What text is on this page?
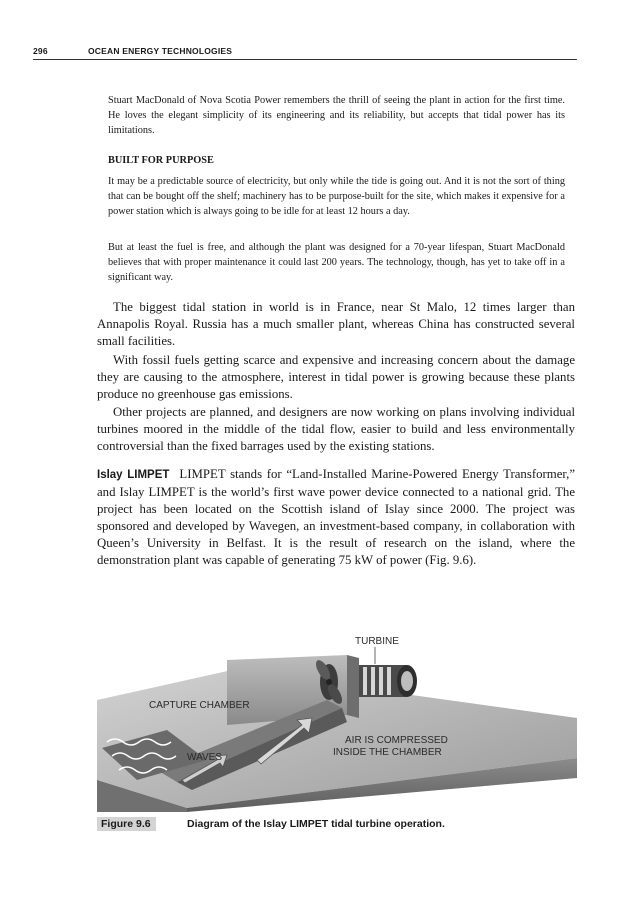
296	OCEAN ENERGY TECHNOLOGIES

Stuart MacDonald of Nova Scotia Power remembers the thrill of seeing the plant in action for the first time. He loves the elegant simplicity of its engineering and its reliability, but accepts that tidal power has its limitations.

BUILT FOR PURPOSE

It may be a predictable source of electricity, but only while the tide is going out. And it is not the sort of thing that can be bought off the shelf; machinery has to be purpose-built for the site, which makes it expensive for a power station which is always going to be idle for at least 12 hours a day.

But at least the fuel is free, and although the plant was designed for a 70-year lifespan, Stuart MacDonald believes that with proper maintenance it could last 200 years. The technology, though, has yet to take off in a significant way.

The biggest tidal station in world is in France, near St Malo, 12 times larger than Annapolis Royal. Russia has a much smaller plant, whereas China has constructed several small facilities.

With fossil fuels getting scarce and expensive and increasing concern about the damage they are causing to the atmosphere, interest in tidal power is growing because these plants produce no greenhouse gas emissions.

Other projects are planned, and designers are now working on plans involving individual turbines moored in the middle of the tidal flow, easier to build and less environmentally controversial than the fixed barrages used by the existing stations.

Islay LIMPET LIMPET stands for “Land-Installed Marine-Powered Energy Transformer,” and Islay LIMPET is the world’s first wave power device connected to a national grid. The project has been located on the Scottish island of Islay since 2000. The project was sponsored and developed by Wavegen, an investment-based company, in collaboration with Queen’s University in Belfast. It is the result of research on the island, where the demonstration plant was capable of generating 75 kW of power (Fig. 9.6).

TURBINE
CAPTURE CHAMBER
WAVES
AIR IS COMPRESSED
INSIDE THE CHAMBER
Figure 9.6	Diagram of the Islay LIMPET tidal turbine operation.
